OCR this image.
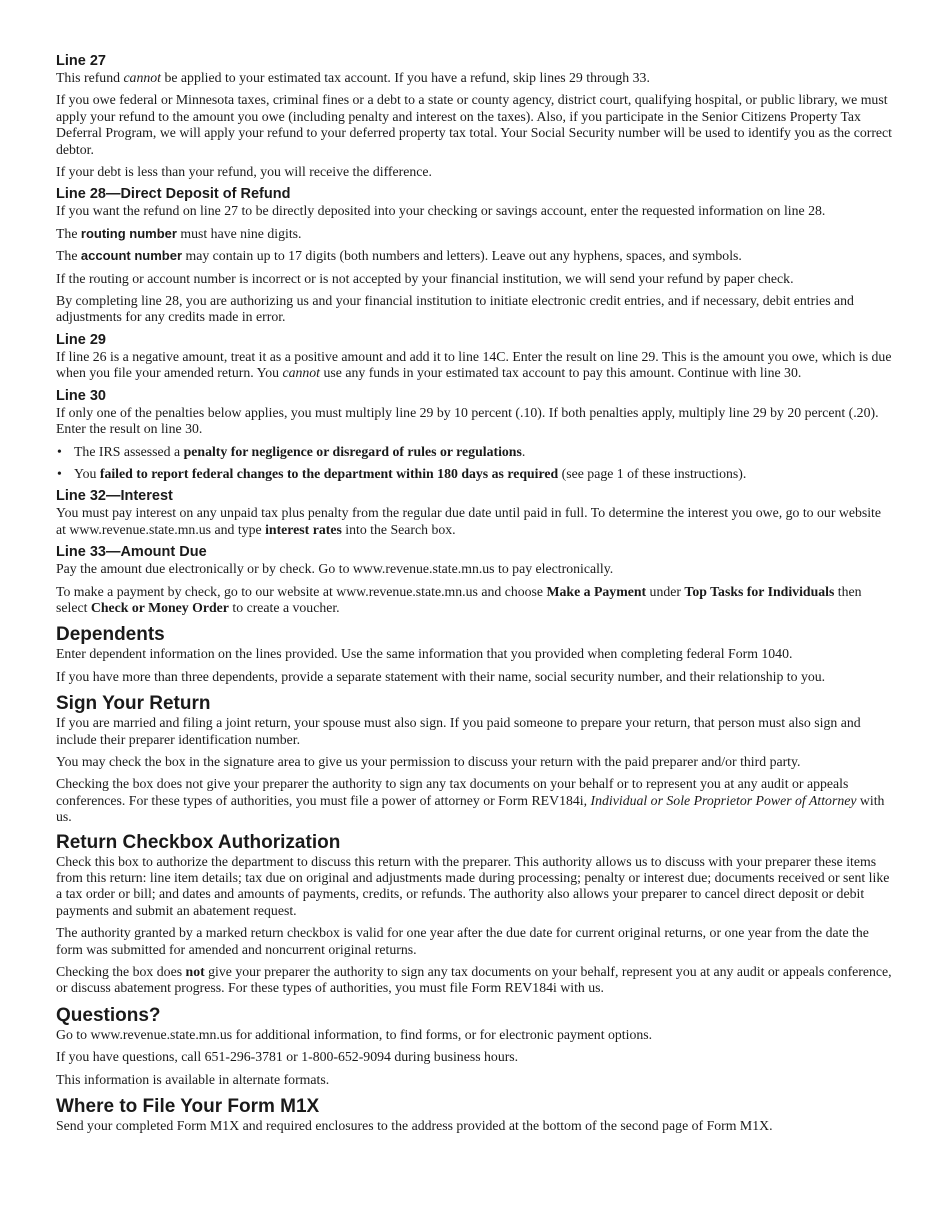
Line 27

This refund cannot be applied to your estimated tax account. If you have a refund, skip lines 29 through 33.

If you owe federal or Minnesota taxes, criminal fines or a debt to a state or county agency, district court, qualifying hospital, or public library, we must apply your refund to the amount you owe (including penalty and interest on the taxes). Also, if you participate in the Senior Citizens Property Tax Deferral Program, we will apply your refund to your deferred property tax total. Your Social Security number will be used to identify you as the correct debtor.

If your debt is less than your refund, you will receive the difference.

Line 28—Direct Deposit of Refund

If you want the refund on line 27 to be directly deposited into your checking or savings account, enter the requested information on line 28.

The routing number must have nine digits.

The account number may contain up to 17 digits (both numbers and letters). Leave out any hyphens, spaces, and symbols.

If the routing or account number is incorrect or is not accepted by your financial institution, we will send your refund by paper check.

By completing line 28, you are authorizing us and your financial institution to initiate electronic credit entries, and if necessary, debit entries and adjustments for any credits made in error.

Line 29

If line 26 is a negative amount, treat it as a positive amount and add it to line 14C. Enter the result on line 29. This is the amount you owe, which is due when you file your amended return. You cannot use any funds in your estimated tax account to pay this amount. Continue with line 30.

Line 30

If only one of the penalties below applies, you must multiply line 29 by 10 percent (.10). If both penalties apply, multiply line 29 by 20 percent (.20). Enter the result on line 30.

• The IRS assessed a penalty for negligence or disregard of rules or regulations.

• You failed to report federal changes to the department within 180 days as required (see page 1 of these instructions).

Line 32—Interest

You must pay interest on any unpaid tax plus penalty from the regular due date until paid in full. To determine the interest you owe, go to our website at www.revenue.state.mn.us and type interest rates into the Search box.

Line 33—Amount Due

Pay the amount due electronically or by check. Go to www.revenue.state.mn.us to pay electronically.

To make a payment by check, go to our website at www.revenue.state.mn.us and choose Make a Payment under Top Tasks for Individuals then select Check or Money Order to create a voucher.

Dependents

Enter dependent information on the lines provided. Use the same information that you provided when completing federal Form 1040.

If you have more than three dependents, provide a separate statement with their name, social security number, and their relationship to you.

Sign Your Return

If you are married and filing a joint return, your spouse must also sign. If you paid someone to prepare your return, that person must also sign and include their preparer identification number.

You may check the box in the signature area to give us your permission to discuss your return with the paid preparer and/or third party.

Checking the box does not give your preparer the authority to sign any tax documents on your behalf or to represent you at any audit or appeals conferences. For these types of authorities, you must file a power of attorney or Form REV184i, Individual or Sole Proprietor Power of Attorney with us.

Return Checkbox Authorization

Check this box to authorize the department to discuss this return with the preparer. This authority allows us to discuss with your preparer these items from this return: line item details; tax due on original and adjustments made during processing; penalty or interest due; documents received or sent like a tax order or bill; and dates and amounts of payments, credits, or refunds. The authority also allows your preparer to cancel direct deposit or debit payments and submit an abatement request.

The authority granted by a marked return checkbox is valid for one year after the due date for current original returns, or one year from the date the form was submitted for amended and noncurrent original returns.

Checking the box does not give your preparer the authority to sign any tax documents on your behalf, represent you at any audit or appeals conference, or discuss abatement progress. For these types of authorities, you must file Form REV184i with us.

Questions?

Go to www.revenue.state.mn.us for additional information, to find forms, or for electronic payment options.

If you have questions, call 651-296-3781 or 1-800-652-9094 during business hours.

This information is available in alternate formats.

Where to File Your Form M1X

Send your completed Form M1X and required enclosures to the address provided at the bottom of the second page of Form M1X.
